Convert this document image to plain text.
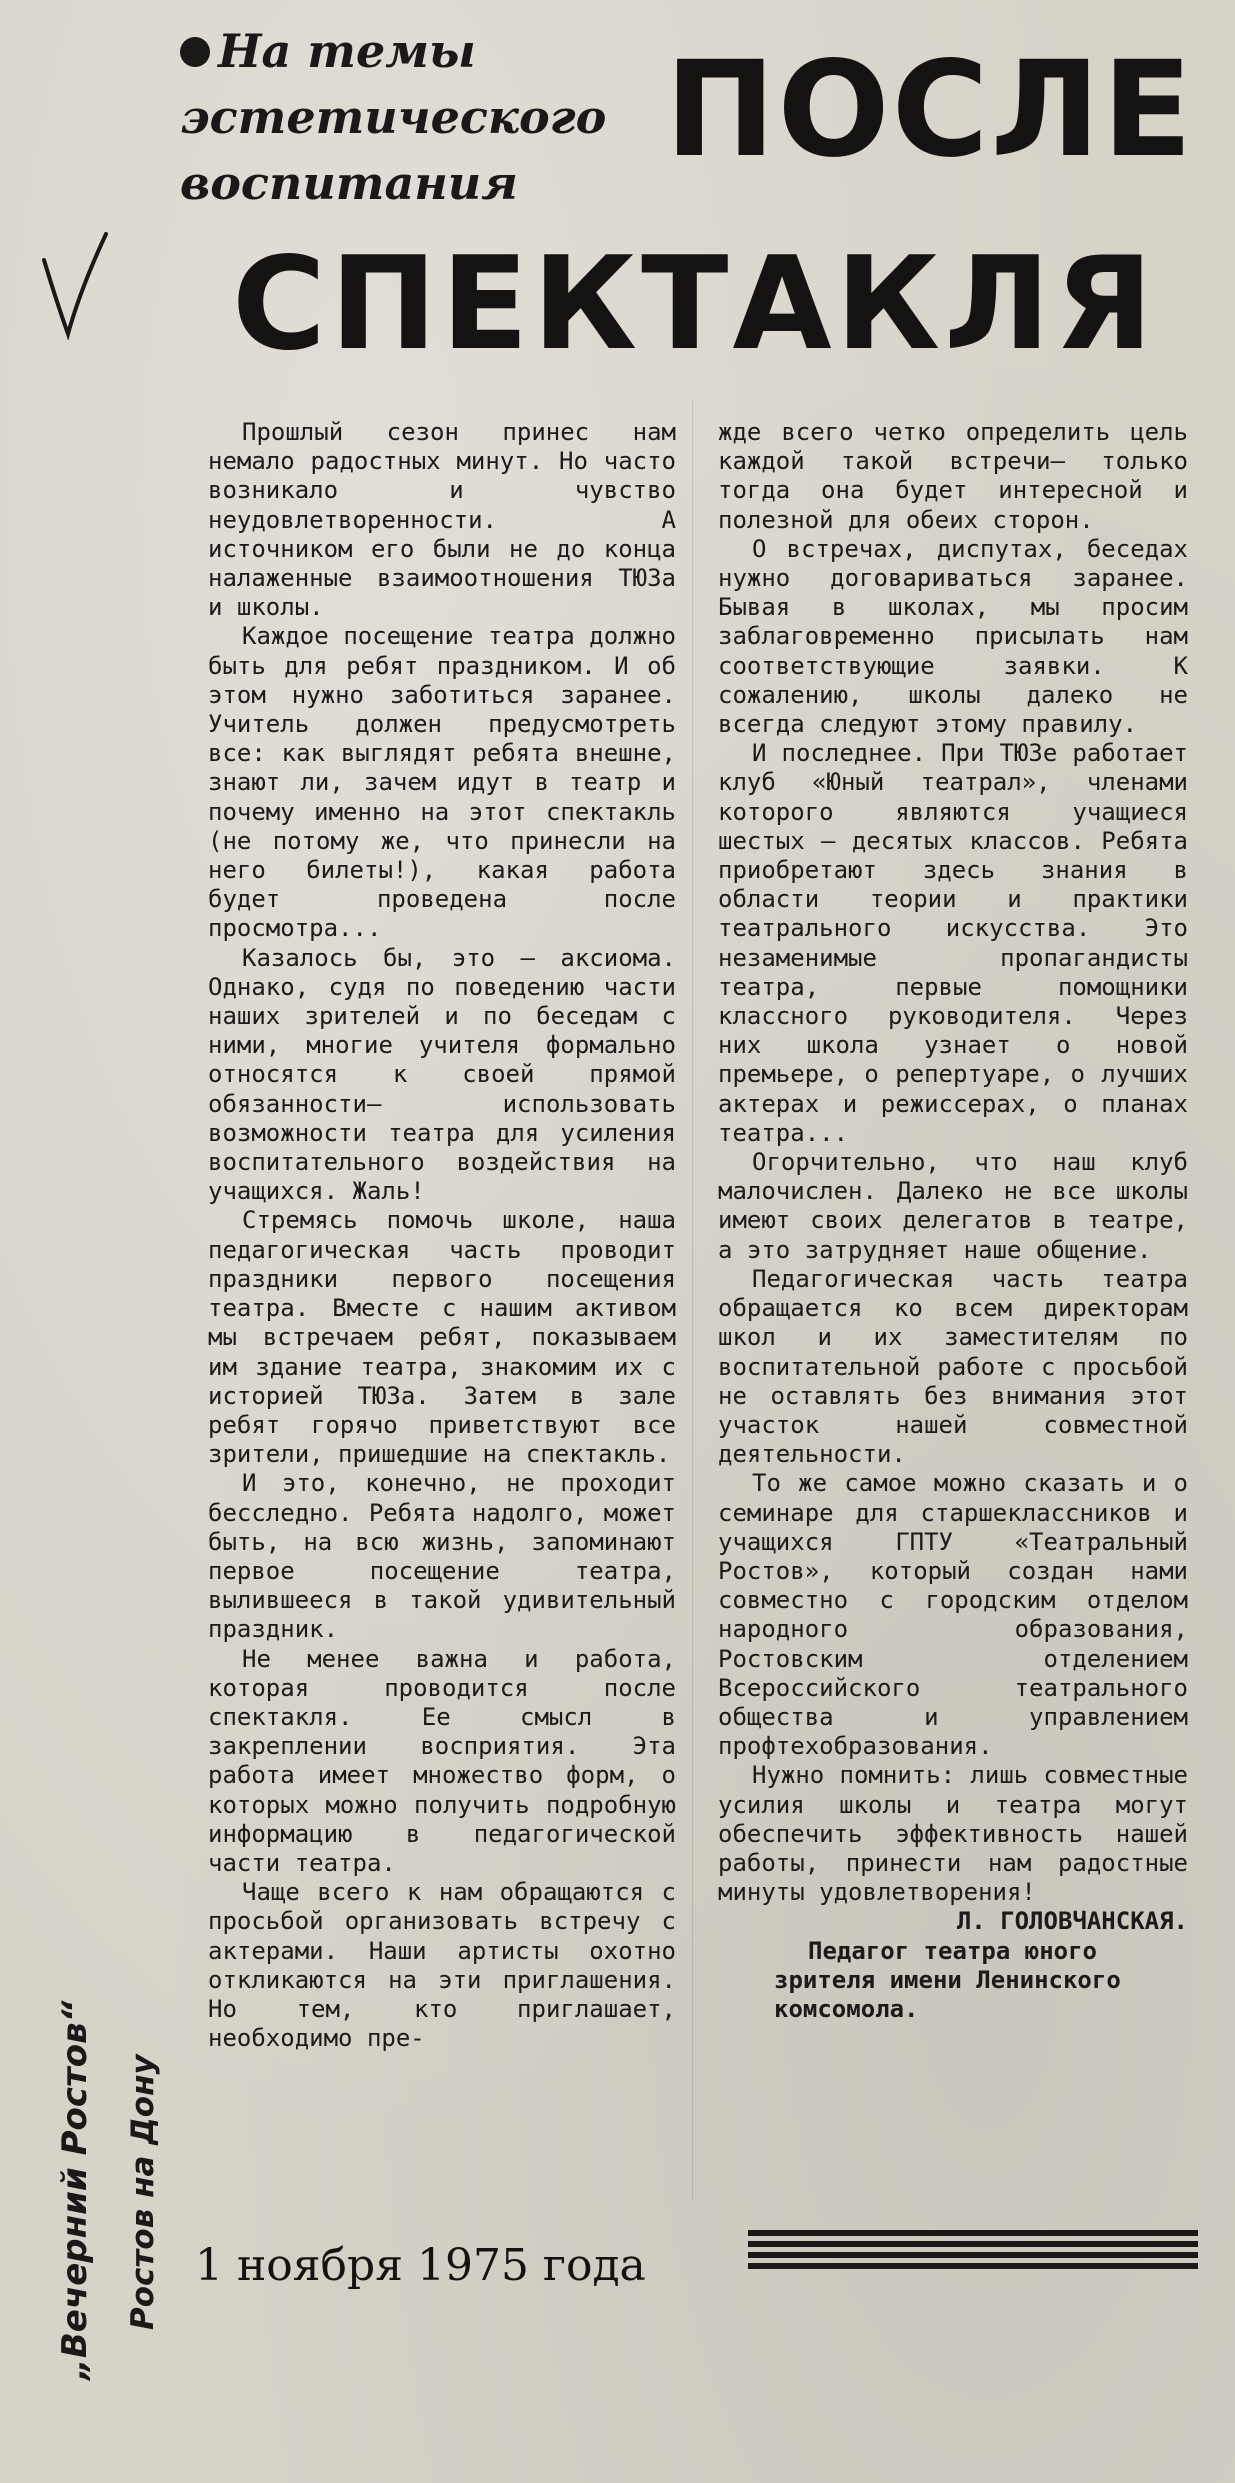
На темы
эстетического
воспитания	ПОСЛЕ
СПЕКТАКЛЯ

Прошлый сезон принес нам немало радостных минут. Но часто возникало и чувство неудовлетворенности. А источником его были не до конца налаженные взаимоотношения ТЮЗа и школы.

Каждое посещение театра должно быть для ребят праздником. И об этом нужно заботиться заранее. Учитель должен предусмотреть все: как выглядят ребята внешне, знают ли, зачем идут в театр и почему именно на этот спектакль (не потому же, что принесли на него билеты!), какая работа будет проведена после просмотра...

Казалось бы, это — аксиома. Однако, судя по поведению части наших зрителей и по беседам с ними, многие учителя формально относятся к своей прямой обязанности— использовать возможности театра для усиления воспитательного воздействия на учащихся. Жаль!

Стремясь помочь школе, наша педагогическая часть проводит праздники первого посещения театра. Вместе с нашим активом мы встречаем ребят, показываем им здание театра, знакомим их с историей ТЮЗа. Затем в зале ребят горячо приветствуют все зрители, пришедшие на спектакль.

И это, конечно, не проходит бесследно. Ребята надолго, может быть, на всю жизнь, запоминают первое посещение театра, вылившееся в такой удивительный праздник.

Не менее важна и работа, которая проводится после спектакля. Ее смысл в закреплении восприятия. Эта работа имеет множество форм, о которых можно получить подробную информацию в педагогической части театра.

Чаще всего к нам обращаются с просьбой организовать встречу с актерами. Наши артисты охотно откликаются на эти приглашения. Но тем, кто приглашает, необходимо пре-

жде всего четко определить цель каждой такой встречи— только тогда она будет интересной и полезной для обеих сторон.

О встречах, диспутах, беседах нужно договариваться заранее. Бывая в школах, мы просим заблаговременно присылать нам соответствующие заявки. К сожалению, школы далеко не всегда следуют этому правилу.

И последнее. При ТЮЗе работает клуб «Юный театрал», членами которого являются учащиеся шестых — десятых классов. Ребята приобретают здесь знания в области теории и практики театрального искусства. Это незаменимые пропагандисты театра, первые помощники классного руководителя. Через них школа узнает о новой премьере, о репертуаре, о лучших актерах и режиссерах, о планах театра...

Огорчительно, что наш клуб малочислен. Далеко не все школы имеют своих делегатов в театре, а это затрудняет наше общение.

Педагогическая часть театра обращается ко всем директорам школ и их заместителям по воспитательной работе с просьбой не оставлять без внимания этот участок нашей совместной деятельности.

То же самое можно сказать и о семинаре для старшеклассников и учащихся ГПТУ «Театральный Ростов», который создан нами совместно с городским отделом народного образования, Ростовским отделением Всероссийского театрального общества и управлением профтехобразования.

Нужно помнить: лишь совместные усилия школы и театра могут обеспечить эффективность нашей работы, принести нам радостные минуты удовлетворения!

Л. ГОЛОВЧАНСКАЯ.

Педагог театра юного зрителя имени Ленинского комсомола.

„Вечерний Ростов“ Ростов на Дону 1 ноября 1975 года
